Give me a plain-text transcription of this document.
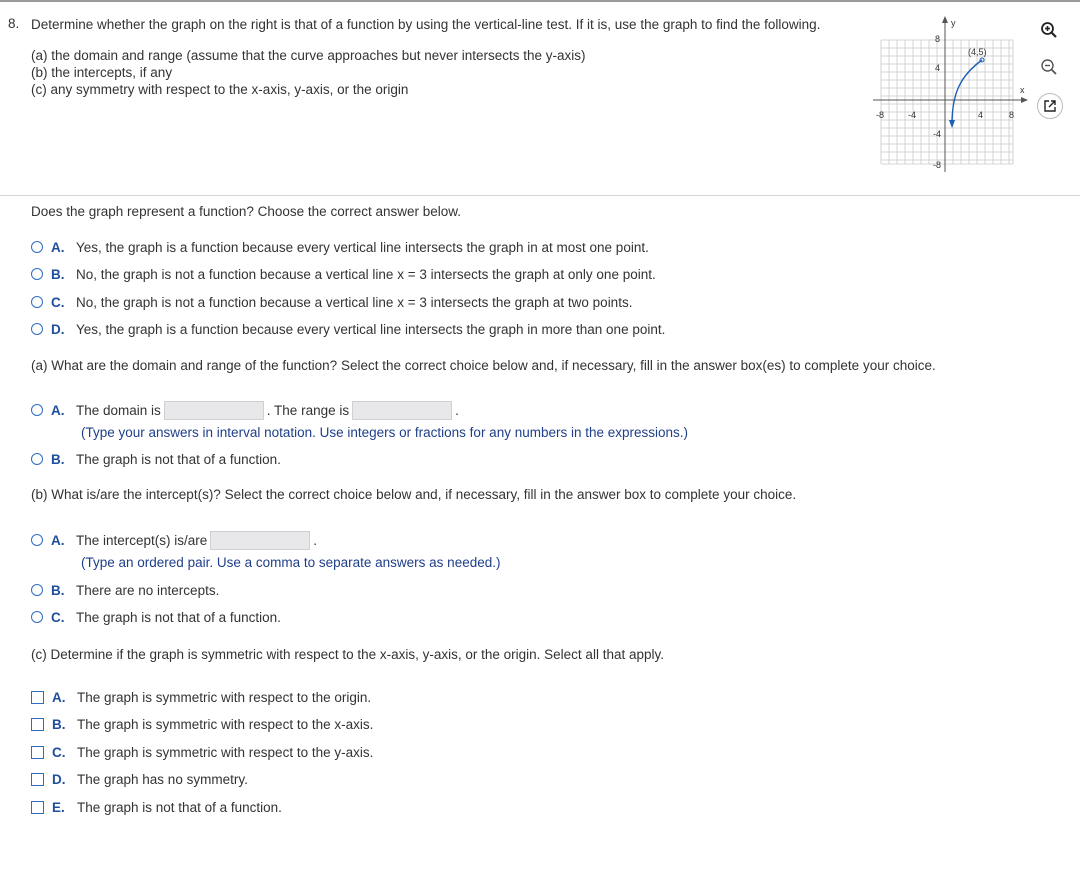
8. Determine whether the graph on the right is that of a function by using the vertical-line test. If it is, use the graph to find the following.

(a) the domain and range (assume that the curve approaches but never intersects the y-axis)

(b) the intercepts, if any

(c) any symmetry with respect to the x-axis, y-axis, or the origin	x
y
-8	-4	4	8
8
4
-4
-8
(4,5)
Does the graph represent a function? Choose the correct answer below.
A. Yes, the graph is a function because every vertical line intersects the graph in at most one point.
B. No, the graph is not a function because a vertical line x = 3 intersects the graph at only one point.
C. No, the graph is not a function because a vertical line x = 3 intersects the graph at two points.
D. Yes, the graph is a function because every vertical line intersects the graph in more than one point.
(a) What are the domain and range of the function? Select the correct choice below and, if necessary, fill in the answer box(es) to complete your choice.
A. The domain is	. The range is	.
(Type your answers in interval notation. Use integers or fractions for any numbers in the expressions.)
B. The graph is not that of a function.
(b) What is/are the intercept(s)? Select the correct choice below and, if necessary, fill in the answer box to complete your choice.
A. The intercept(s) is/are	.
(Type an ordered pair. Use a comma to separate answers as needed.)
B. There are no intercepts.
C. The graph is not that of a function.
(c) Determine if the graph is symmetric with respect to the x-axis, y-axis, or the origin. Select all that apply.
A. The graph is symmetric with respect to the origin.
B. The graph is symmetric with respect to the x-axis.
C. The graph is symmetric with respect to the y-axis.
D. The graph has no symmetry.
E. The graph is not that of a function.
